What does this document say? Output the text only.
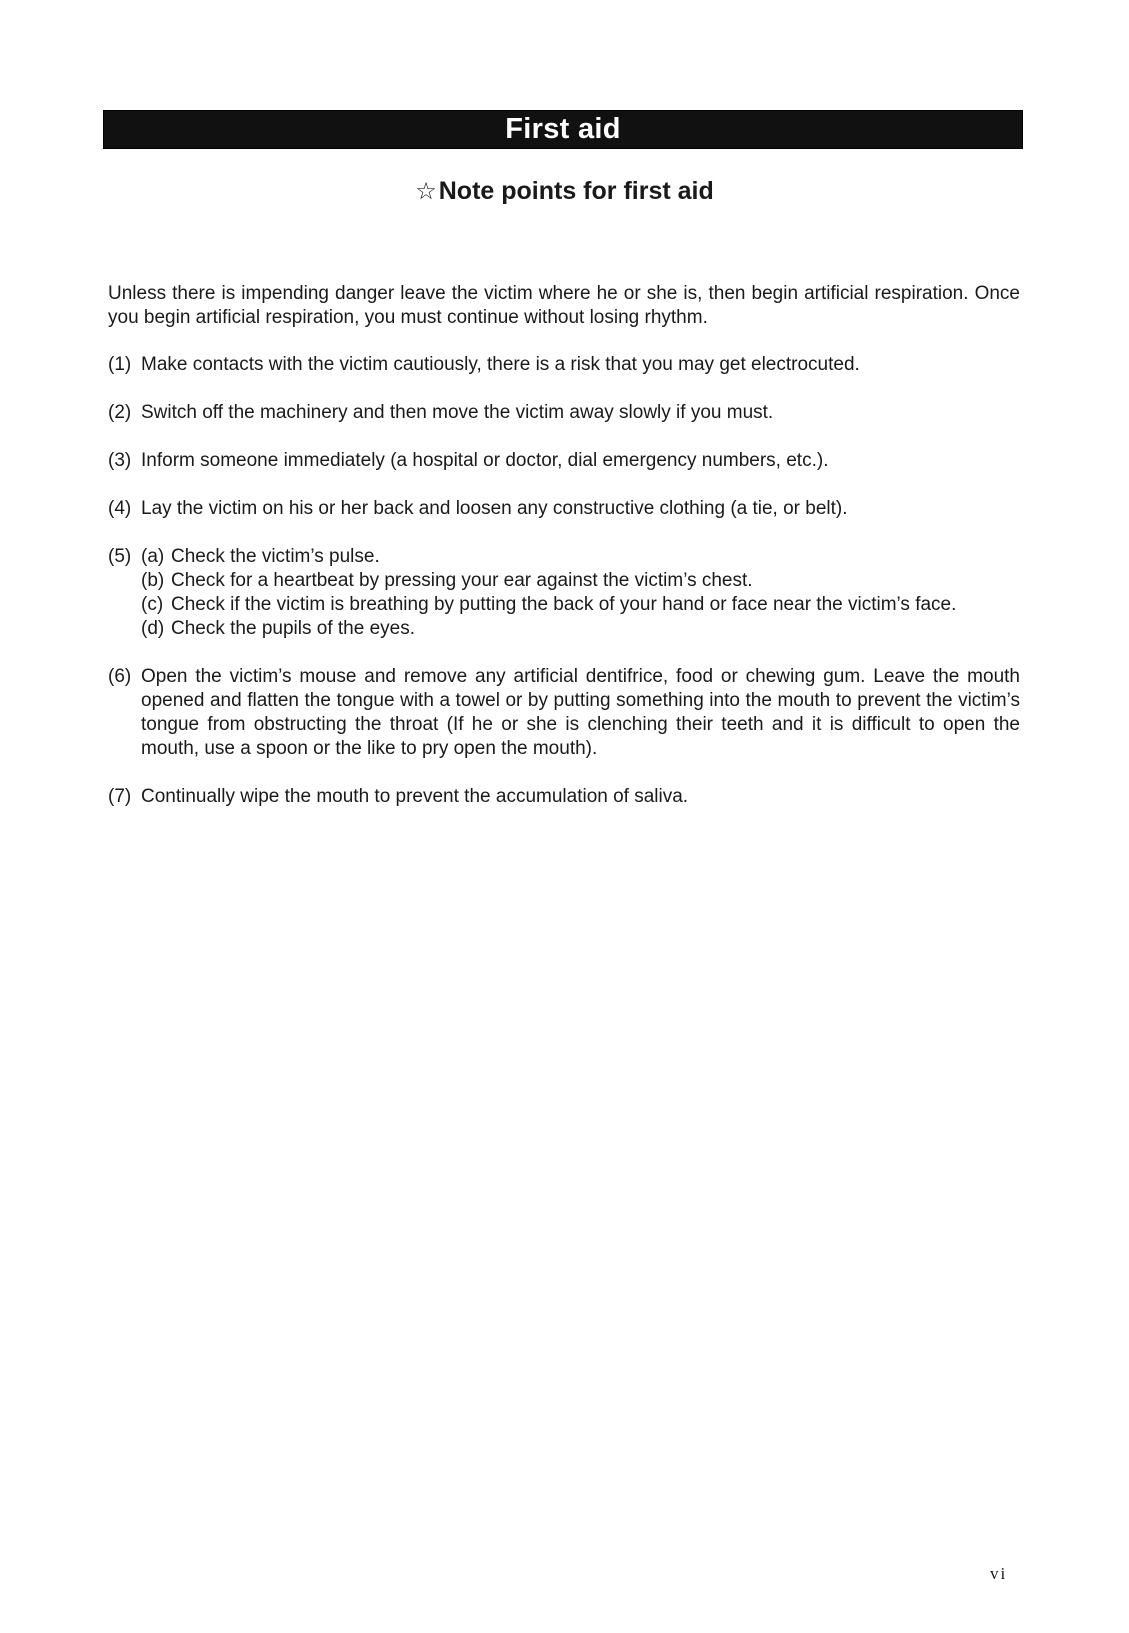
First aid
☆Note points for first aid

Unless there is impending danger leave the victim where he or she is, then begin artificial respiration. Once you begin artificial respiration, you must continue without losing rhythm.

(1) Make contacts with the victim cautiously, there is a risk that you may get electrocuted.
(2) Switch off the machinery and then move the victim away slowly if you must.
(3) Inform someone immediately (a hospital or doctor, dial emergency numbers, etc.).
(4) Lay the victim on his or her back and loosen any constructive clothing (a tie, or belt).
(5) (a) Check the victim’s pulse.
(b) Check for a heartbeat by pressing your ear against the victim’s chest.
(c) Check if the victim is breathing by putting the back of your hand or face near the victim’s face.
(d) Check the pupils of the eyes.
(6) Open the victim’s mouse and remove any artificial dentifrice, food or chewing gum. Leave the mouth opened and flatten the tongue with a towel or by putting something into the mouth to prevent the victim’s tongue from obstructing the throat (If he or she is clenching their teeth and it is difficult to open the mouth, use a spoon or the like to pry open the mouth).
(7) Continually wipe the mouth to prevent the accumulation of saliva.
vi
